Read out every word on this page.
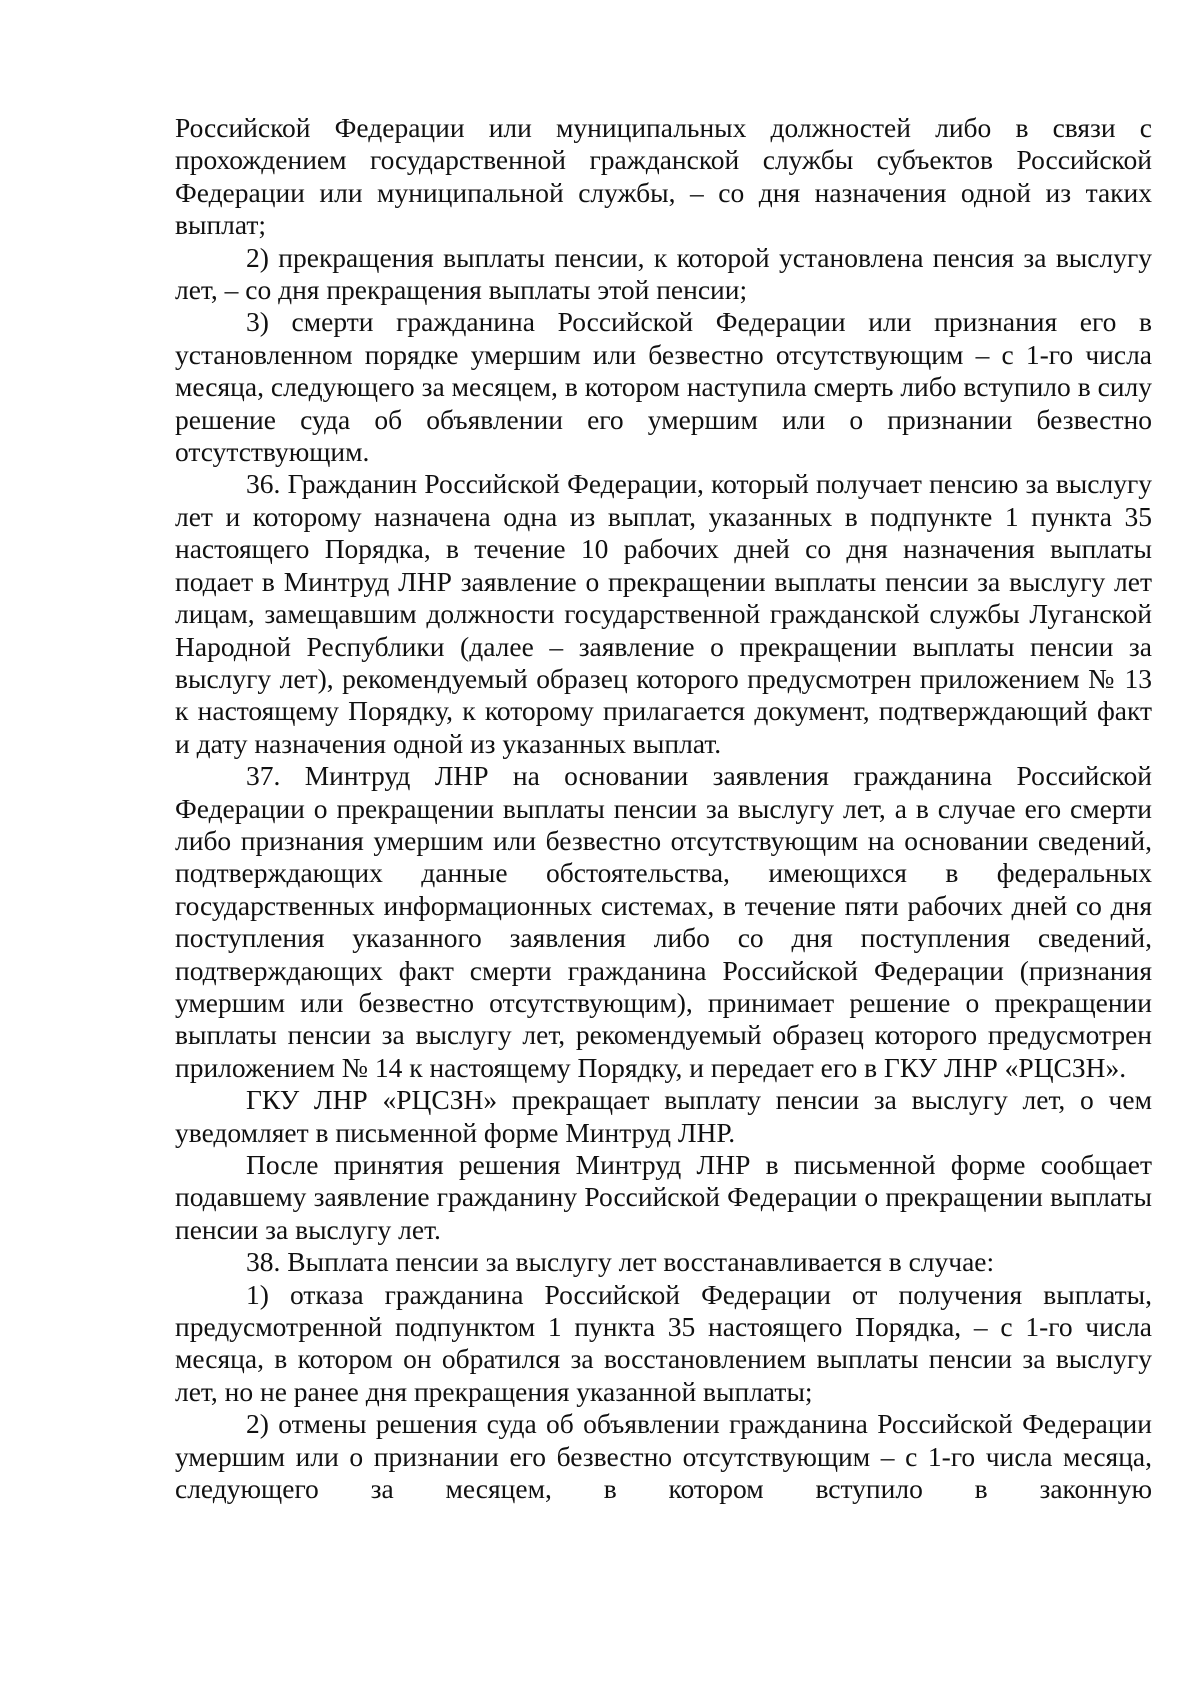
Российской Федерации или муниципальных должностей либо в связи с прохождением государственной гражданской службы субъектов Российской Федерации или муниципальной службы, – со дня назначения одной из таких выплат;

2) прекращения выплаты пенсии, к которой установлена пенсия за выслугу лет, – со дня прекращения выплаты этой пенсии;

3) смерти гражданина Российской Федерации или признания его в установленном порядке умершим или безвестно отсутствующим – с 1-го числа месяца, следующего за месяцем, в котором наступила смерть либо вступило в силу решение суда об объявлении его умершим или о признании безвестно отсутствующим.

36. Гражданин Российской Федерации, который получает пенсию за выслугу лет и которому назначена одна из выплат, указанных в подпункте 1 пункта 35 настоящего Порядка, в течение 10 рабочих дней со дня назначения выплаты подает в Минтруд ЛНР заявление о прекращении выплаты пенсии за выслугу лет лицам, замещавшим должности государственной гражданской службы Луганской Народной Республики (далее – заявление о прекращении выплаты пенсии за выслугу лет), рекомендуемый образец которого предусмотрен приложением № 13 к настоящему Порядку, к которому прилагается документ, подтверждающий факт и дату назначения одной из указанных выплат.

37. Минтруд ЛНР на основании заявления гражданина Российской Федерации о прекращении выплаты пенсии за выслугу лет, а в случае его смерти либо признания умершим или безвестно отсутствующим на основании сведений, подтверждающих данные обстоятельства, имеющихся в федеральных государственных информационных системах, в течение пяти рабочих дней со дня поступления указанного заявления либо со дня поступления сведений, подтверждающих факт смерти гражданина Российской Федерации (признания умершим или безвестно отсутствующим), принимает решение о прекращении выплаты пенсии за выслугу лет, рекомендуемый образец которого предусмотрен приложением № 14 к настоящему Порядку, и передает его в ГКУ ЛНР «РЦСЗН».

ГКУ ЛНР «РЦСЗН» прекращает выплату пенсии за выслугу лет, о чем уведомляет в письменной форме Минтруд ЛНР.

После принятия решения Минтруд ЛНР в письменной форме сообщает подавшему заявление гражданину Российской Федерации о прекращении выплаты пенсии за выслугу лет.

38. Выплата пенсии за выслугу лет восстанавливается в случае:

1) отказа гражданина Российской Федерации от получения выплаты, предусмотренной подпунктом 1 пункта 35 настоящего Порядка, – с 1-го числа месяца, в котором он обратился за восстановлением выплаты пенсии за выслугу лет, но не ранее дня прекращения указанной выплаты;

2) отмены решения суда об объявлении гражданина Российской Федерации умершим или о признании его безвестно отсутствующим – с 1-го числа месяца, следующего за месяцем, в котором вступило в законную
